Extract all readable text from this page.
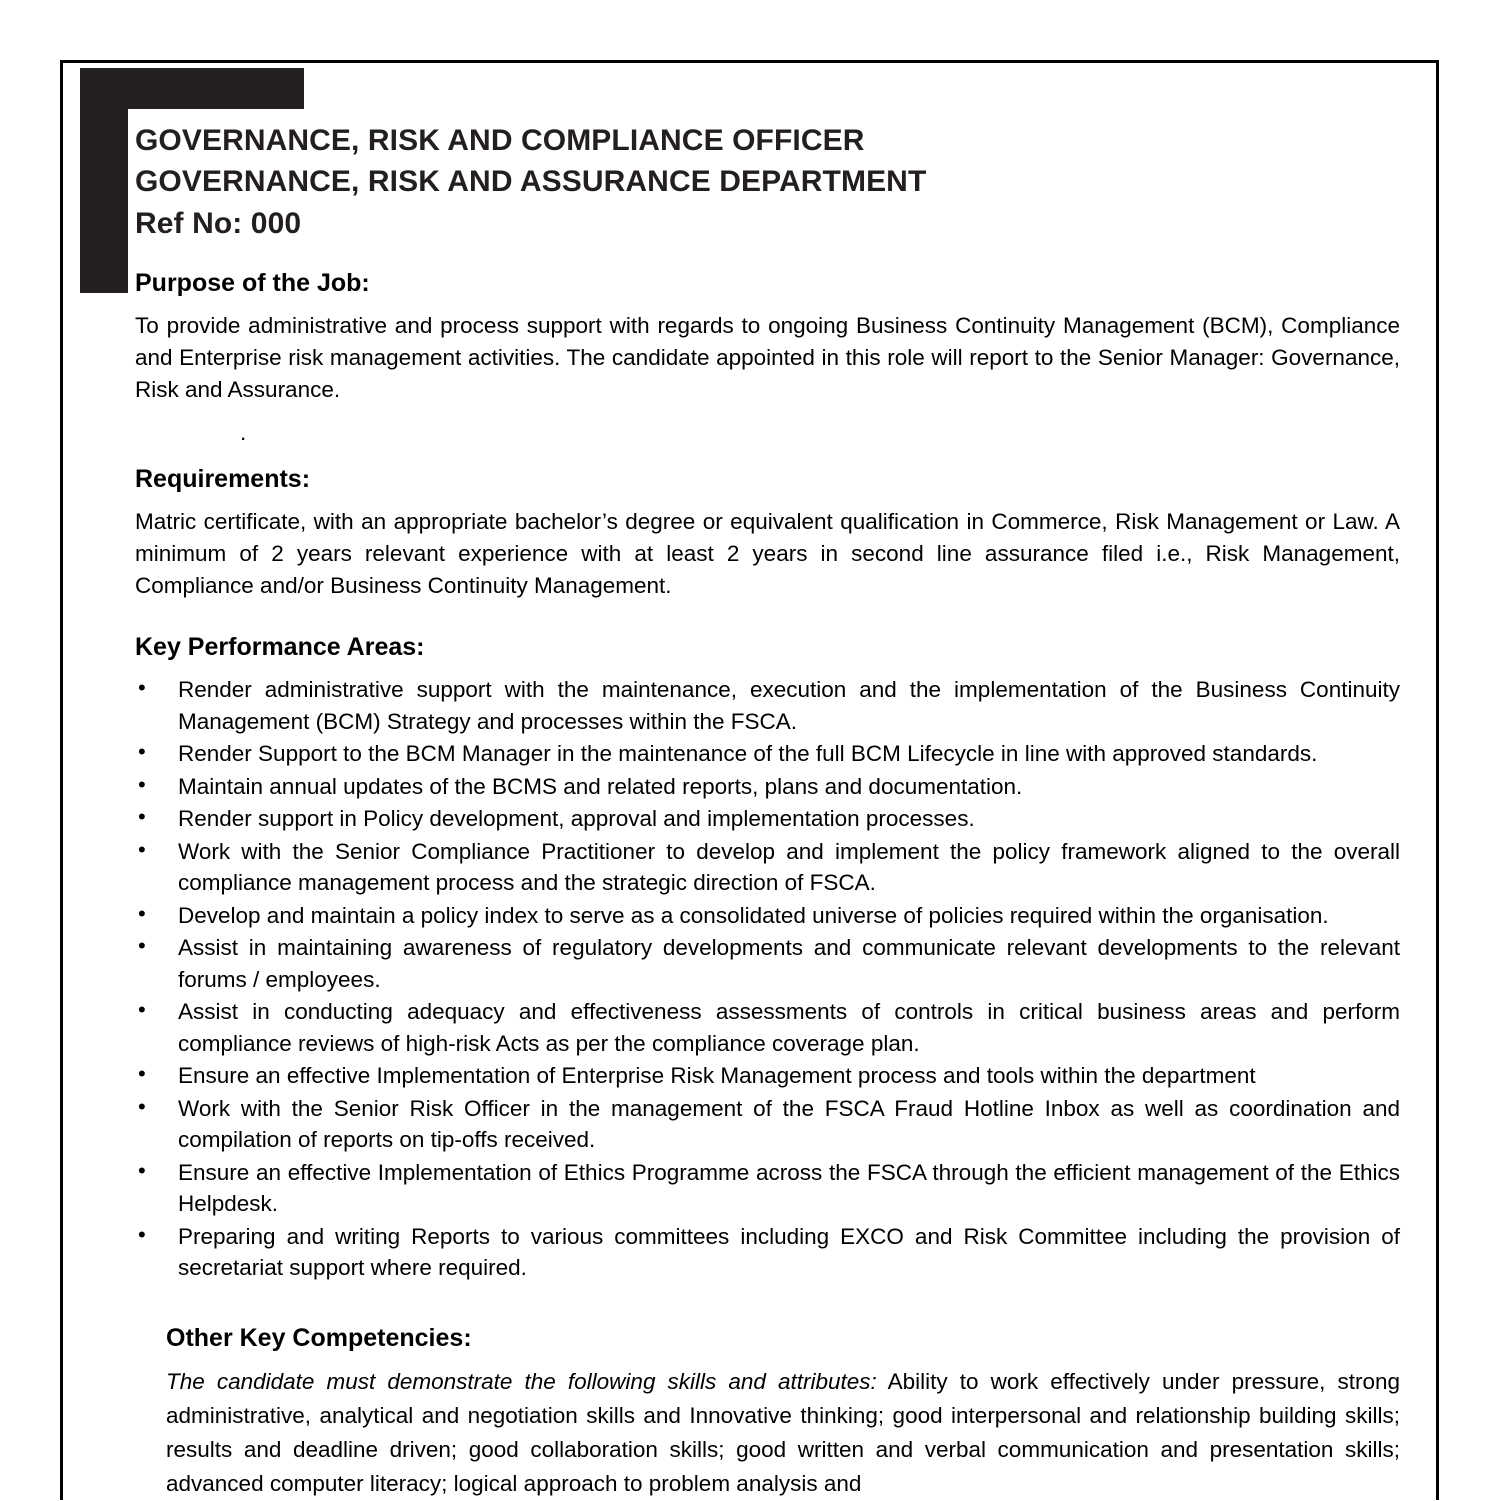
GOVERNANCE, RISK AND COMPLIANCE OFFICER
GOVERNANCE, RISK AND ASSURANCE DEPARTMENT
Ref No: 000
Purpose of the Job:

To provide administrative and process support with regards to ongoing Business Continuity Management (BCM), Compliance and Enterprise risk management activities. The candidate appointed in this role will report to the Senior Manager: Governance, Risk and Assurance.

.

Requirements:

Matric certificate, with an appropriate bachelor’s degree or equivalent qualification in Commerce, Risk Management or Law. A minimum of 2 years relevant experience with at least 2 years in second line assurance filed i.e., Risk Management, Compliance and/or Business Continuity Management.

Key Performance Areas:
• Render administrative support with the maintenance, execution and the implementation of the Business Continuity Management (BCM) Strategy and processes within the FSCA.
• Render Support to the BCM Manager in the maintenance of the full BCM Lifecycle in line with approved standards.
• Maintain annual updates of the BCMS and related reports, plans and documentation.
• Render support in Policy development, approval and implementation processes.
• Work with the Senior Compliance Practitioner to develop and implement the policy framework aligned to the overall compliance management process and the strategic direction of FSCA.
• Develop and maintain a policy index to serve as a consolidated universe of policies required within the organisation.
• Assist in maintaining awareness of regulatory developments and communicate relevant developments to the relevant forums / employees.
• Assist in conducting adequacy and effectiveness assessments of controls in critical business areas and perform compliance reviews of high-risk Acts as per the compliance coverage plan.
• Ensure an effective Implementation of Enterprise Risk Management process and tools within the department
• Work with the Senior Risk Officer in the management of the FSCA Fraud Hotline Inbox as well as coordination and compilation of reports on tip-offs received.
• Ensure an effective Implementation of Ethics Programme across the FSCA through the efficient management of the Ethics Helpdesk.
• Preparing and writing Reports to various committees including EXCO and Risk Committee including the provision of secretariat support where required.
Other Key Competencies:

The candidate must demonstrate the following skills and attributes: Ability to work effectively under pressure, strong administrative, analytical and negotiation skills and Innovative thinking; good interpersonal and relationship building skills; results and deadline driven; good collaboration skills; good written and verbal communication and presentation skills; advanced computer literacy; logical approach to problem analysis and
